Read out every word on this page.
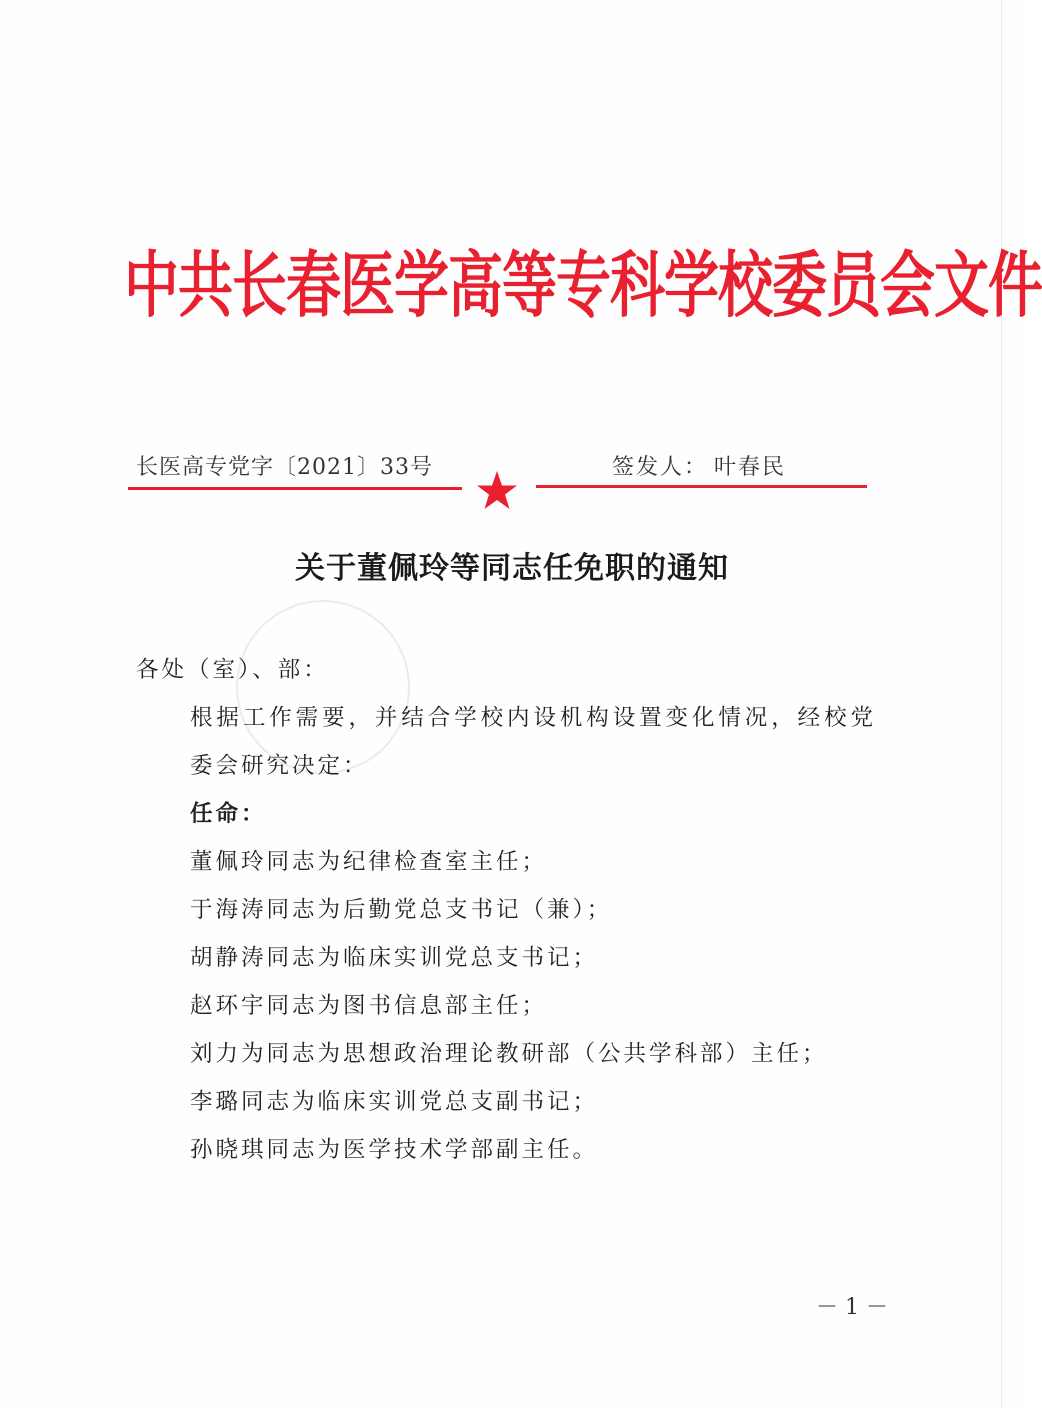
中共长春医学高等专科学校委员会文件
长医高专党字〔2021〕33号	签发人： 叶春民
关于董佩玲等同志任免职的通知

各处（室）、部：

根据工作需要，并结合学校内设机构设置变化情况，经校党委会研究决定：

任命：

董佩玲同志为纪律检查室主任；

于海涛同志为后勤党总支书记（兼）；

胡静涛同志为临床实训党总支书记；

赵环宇同志为图书信息部主任；

刘力为同志为思想政治理论教研部（公共学科部）主任；

李璐同志为临床实训党总支副书记；

孙晓琪同志为医学技术学部副主任。

－ 1 －
